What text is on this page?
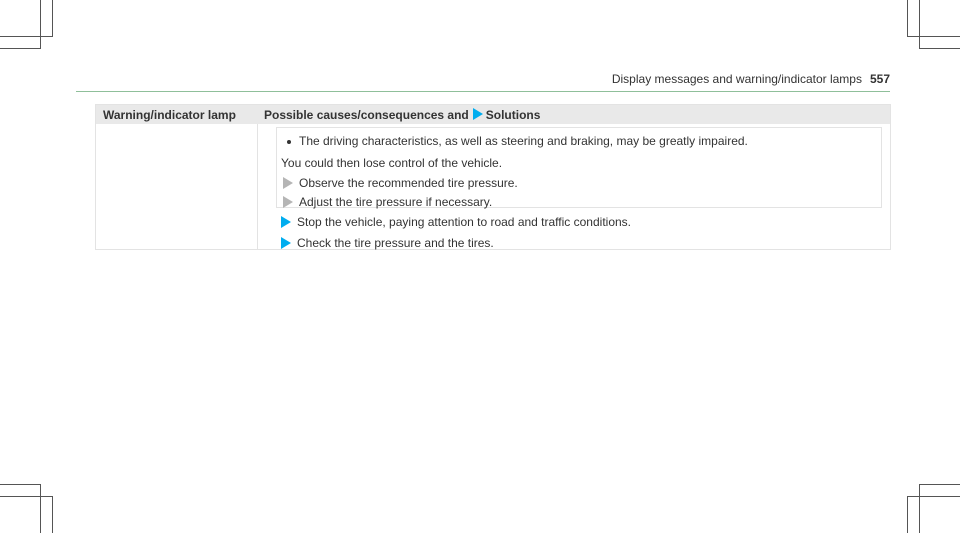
Display messages and warning/indicator lamps 557
Warning/indicator lamp Possible causes/consequences and Solutions
The driving characteristics, as well as steering and braking, may be greatly impaired.
You could then lose control of the vehicle.
Observe the recommended tire pressure.
Adjust the tire pressure if necessary.
Stop the vehicle, paying attention to road and traffic conditions.
Check the tire pressure and the tires.
